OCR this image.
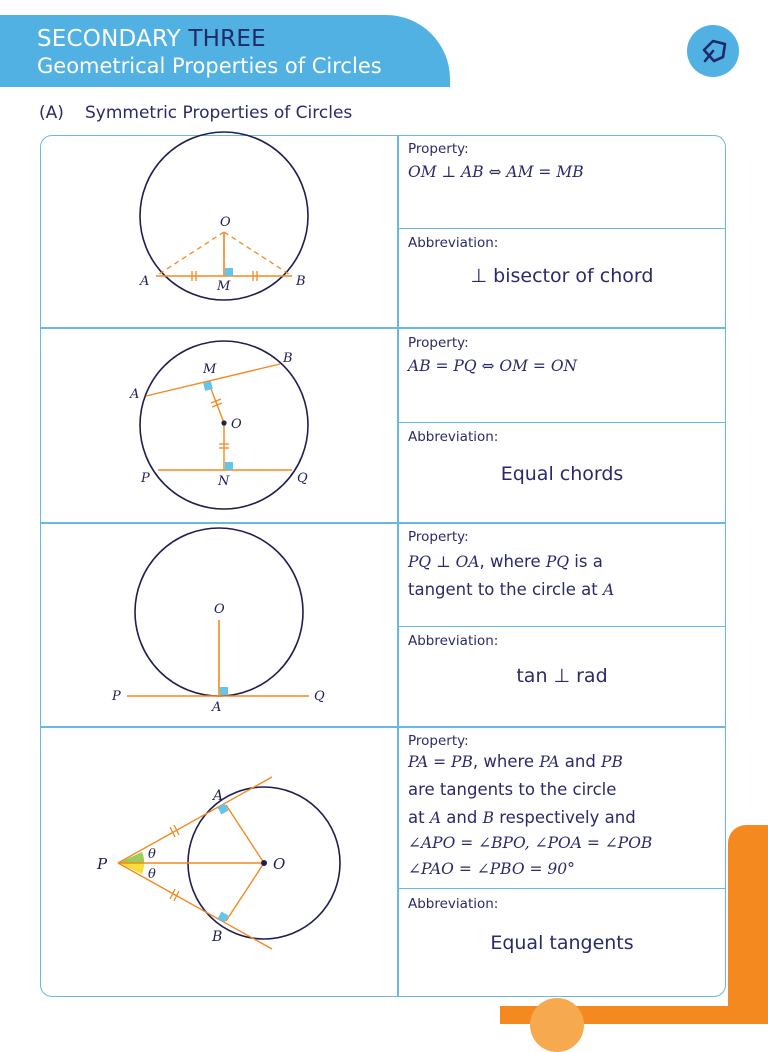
SECONDARY THREE
Geometrical Properties of Circles
(A) Symmetric Properties of Circles
Property:
OM ⊥ AB ⇔ AM = MB
Abbreviation:
⊥ bisector of chord
Property:
AB = PQ ⇔ OM = ON
Abbreviation:
Equal chords
Property:
PQ ⊥ OA, where PQ is a
tangent to the circle at A
Abbreviation:
tan ⊥ rad
Property:
PA = PB, where PA and PB
are tangents to the circle
at A and B respectively and
∠APO = ∠BPO, ∠POA = ∠POB
∠PAO = ∠PBO = 90°
Abbreviation:
Equal tangents
O
A	B
M
M
B
A
O
P	N	Q
O
P
A
Q
A
P	O
B
θ
θ
